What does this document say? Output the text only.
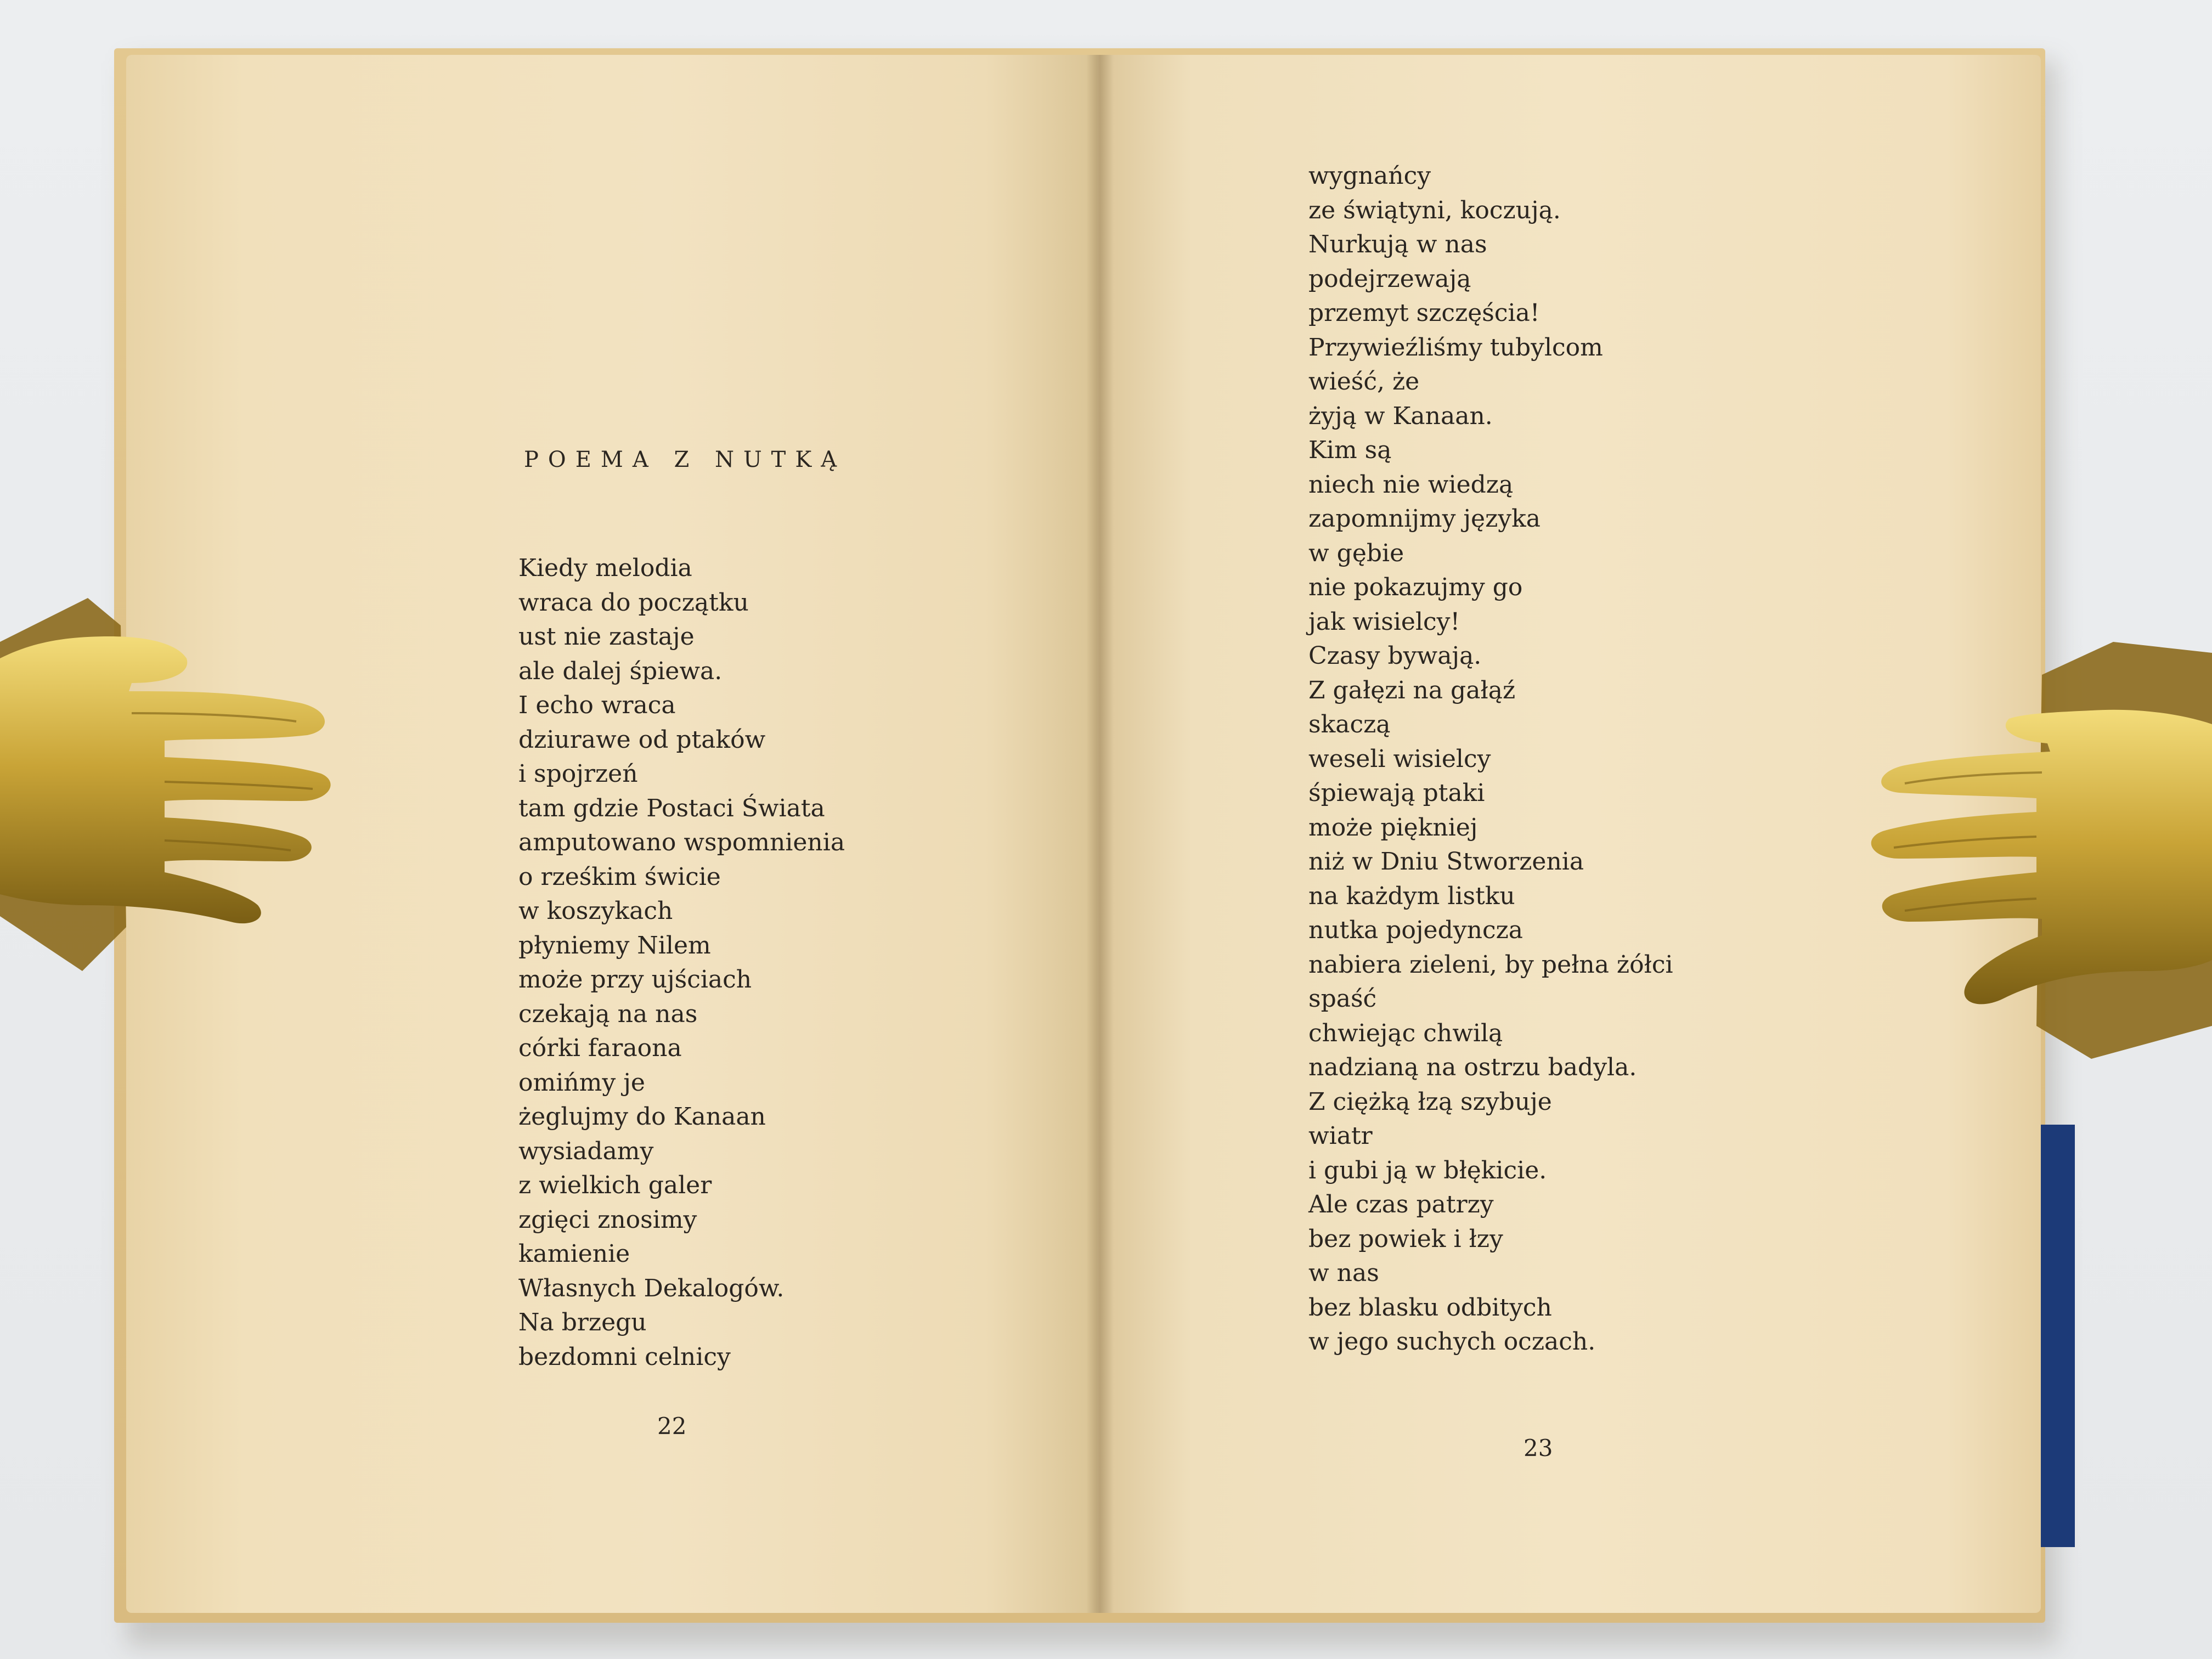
POEMA Z NUTKĄ
Kiedy melodia
wraca do początku
ust nie zastaje
ale dalej śpiewa.
I echo wraca
dziurawe od ptaków
i spojrzeń
tam gdzie Postaci Świata
amputowano wspomnienia
o rześkim świcie
w koszykach
płyniemy Nilem
może przy ujściach
czekają na nas
córki faraona
omińmy je
żeglujmy do Kanaan
wysiadamy
z wielkich galer
zgięci znosimy
kamienie
Własnych Dekalogów.
Na brzegu
bezdomni celnicy
wygnańcy
ze świątyni, koczują.
Nurkują w nas
podejrzewają
przemyt szczęścia!
Przywieźliśmy tubylcom
wieść, że
żyją w Kanaan.
Kim są
niech nie wiedzą
zapomnijmy języka
w gębie
nie pokazujmy go
jak wisielcy!
Czasy bywają.
Z gałęzi na gałąź
skaczą
weseli wisielcy
śpiewają ptaki
może piękniej
niż w Dniu Stworzenia
na każdym listku
nutka pojedyncza
nabiera zieleni, by pełna żółci
spaść
chwiejąc chwilą
nadzianą na ostrzu badyla.
Z ciężką łzą szybuje
wiatr
i gubi ją w błękicie.
Ale czas patrzy
bez powiek i łzy
w nas
bez blasku odbitych
w jego suchych oczach.

22

23
